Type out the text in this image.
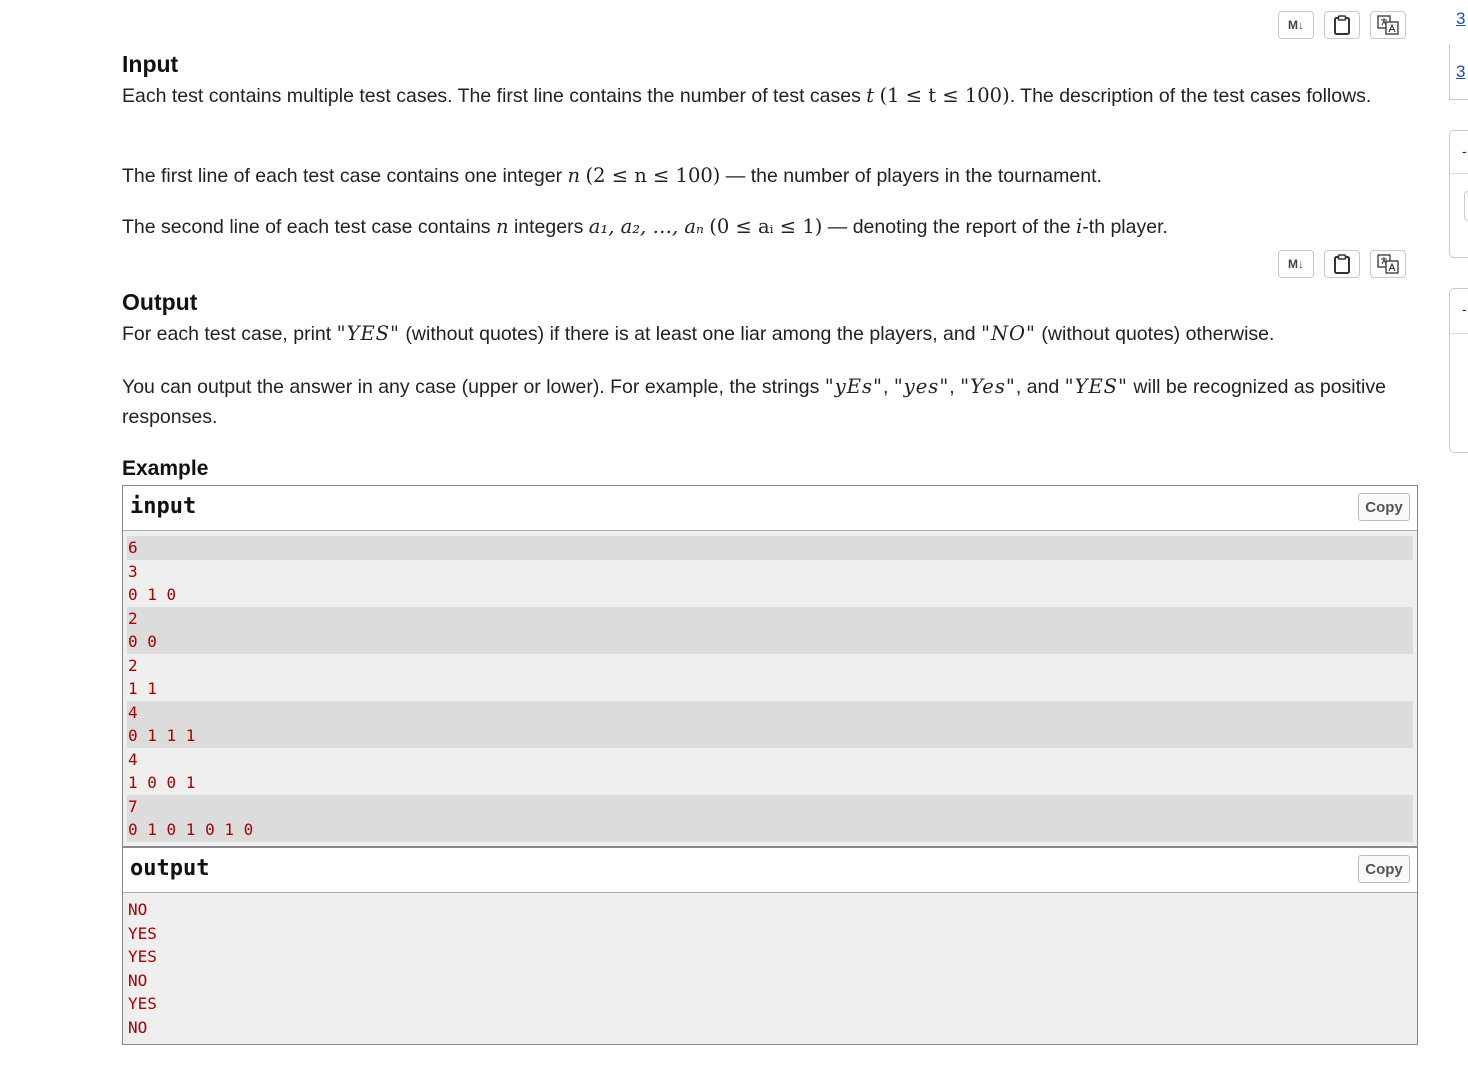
M↓
Input

Each test contains multiple test cases. The first line contains the number of test cases t (1 ≤ t ≤ 100). The description of the test cases follows.

The first line of each test case contains one integer n (2 ≤ n ≤ 100) — the number of players in the tournament.

The second line of each test case contains n integers a₁, a₂, …, aₙ (0 ≤ aᵢ ≤ 1) — denoting the report of the i-th player.

M↓
Output

For each test case, print "YES" (without quotes) if there is at least one liar among the players, and "NO" (without quotes) otherwise.

You can output the answer in any case (upper or lower). For example, the strings "yEs", "yes", "Yes", and "YES" will be recognized as positive responses.

Example
input	Copy
6
3
0 1 0
2
0 0
2
1 1
4
0 1 1 1
4
1 0 0 1
7
0 1 0 1 0 1 0
output	Copy
NO
YES
YES
NO
YES
NO
3
3
-
-
